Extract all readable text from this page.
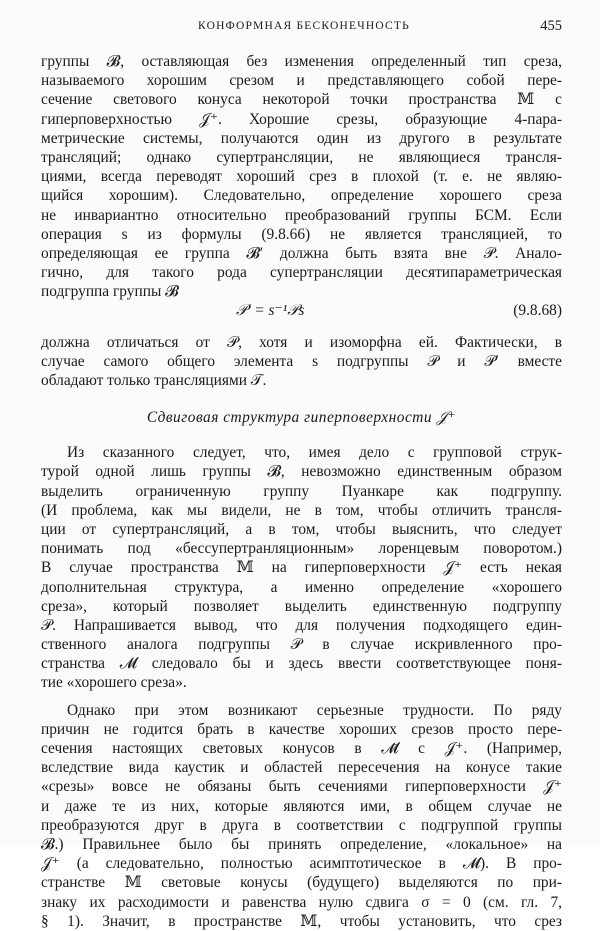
КОНФОРМНАЯ БЕСКОНЕЧНОСТЬ	455
группы 𝓑, оставляющая без изменения определенный тип среза,
называемого хорошим срезом и представляющего собой пере-
сечение светового конуса некоторой точки пространства 𝕄 с
гиперповерхностью 𝒥⁺. Хорошие срезы, образующие 4-пара-
метрические системы, получаются один из другого в результате
трансляций; однако супертрансляции, не являющиеся трансля-
циями, всегда переводят хороший срез в плохой (т. е. не являю-
щийся хорошим). Следовательно, определение хорошего среза
не инвариантно относительно преобразований группы БСМ. Если
операция s из формулы (9.8.66) не является трансляцией, то
определяющая ее группа 𝓑′ должна быть взята вне 𝒫. Анало-
гично, для такого рода супертрансляции десятипараметрическая
подгруппа группы 𝓑
𝒫′ = s⁻¹𝒫s	(9.8.68)
должна отличаться от 𝒫, хотя и изоморфна ей. Фактически, в
случае самого общего элемента s подгруппы 𝒫 и 𝒫′ вместе
обладают только трансляциями 𝒯.
Сдвиговая структура гиперповерхности 𝒥⁺
Из сказанного следует, что, имея дело с групповой струк-
турой одной лишь группы 𝓑, невозможно единственным образом
выделить ограниченную группу Пуанкаре как подгруппу.
(И проблема, как мы видели, не в том, чтобы отличить трансля-
ции от супертрансляций, а в том, чтобы выяснить, что следует
понимать под «бессупертранляционным» лоренцевым поворотом.)
В случае пространства 𝕄 на гиперповерхности 𝒥⁺ есть некая
дополнительная структура, а именно определение «хорошего
среза», который позволяет выделить единственную подгруппу
𝒫. Напрашивается вывод, что для получения подходящего един-
ственного аналога подгруппы 𝒫 в случае искривленного про-
странства 𝓜 следовало бы и здесь ввести соответствующее поня-
тие «хорошего среза».
Однако при этом возникают серьезные трудности. По ряду
причин не годится брать в качестве хороших срезов просто пере-
сечения настоящих световых конусов в 𝓜̃ с 𝒥⁺. (Например,
вследствие вида каустик и областей пересечения на конусе такие
«срезы» вовсе не обязаны быть сечениями гиперповерхности 𝒥⁺
и даже те из них, которые являются ими, в общем случае не
преобразуются друг в друга в соответствии с подгруппой группы
𝓑.) Правильнее было бы принять определение, «локальное» на
𝒥⁺ (а следовательно, полностью асимптотическое в 𝓜). В про-
странстве 𝕄 световые конусы (будущего) выделяются по при-
знаку их расходимости и равенства нулю сдвига σ = 0 (см. гл. 7,
§ 1). Значит, в пространстве 𝕄, чтобы установить, что срез
